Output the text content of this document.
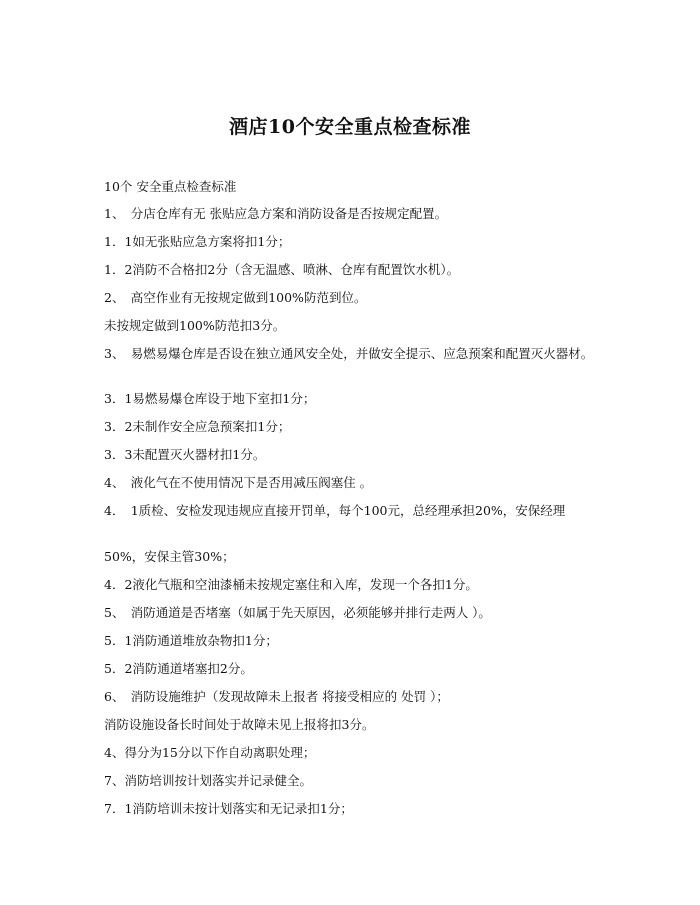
酒店10个安全重点检查标准

10个 安全重点检查标准

1、　分店仓库有无 张贴应急方案和消防设备是否按规定配置。

1．1如无张贴应急方案将扣1分；

1．2消防不合格扣2分（含无温感、喷淋、仓库有配置饮水机）。

2、　高空作业有无按规定做到100%防范到位。

未按规定做到100%防范扣3分。

3、　易燃易爆仓库是否设在独立通风安全处，并做安全提示、应急预案和配置灭火器材。

3．1易燃易爆仓库设于地下室扣1分；

3．2未制作安全应急预案扣1分；

3．3未配置灭火器材扣1分。

4、　液化气在不使用情况下是否用减压阀塞住 。

4．　1质检、安检发现违规应直接开罚单，每个100元，总经理承担20%，安保经理

50%，安保主管30%；

4．2液化气瓶和空油漆桶未按规定塞住和入库，发现一个各扣1分。

5、　消防通道是否堵塞（如属于先天原因，必须能够并排行走两人 ）。

5．1消防通道堆放杂物扣1分；

5．2消防通道堵塞扣2分。

6、　消防设施维护（发现故障未上报者 将接受相应的 处罚 ）；

消防设施设备长时间处于故障未见上报将扣3分。

4、得分为15分以下作自动离职处理；

7、消防培训按计划落实并记录健全。

7．1消防培训未按计划落实和无记录扣1分；
